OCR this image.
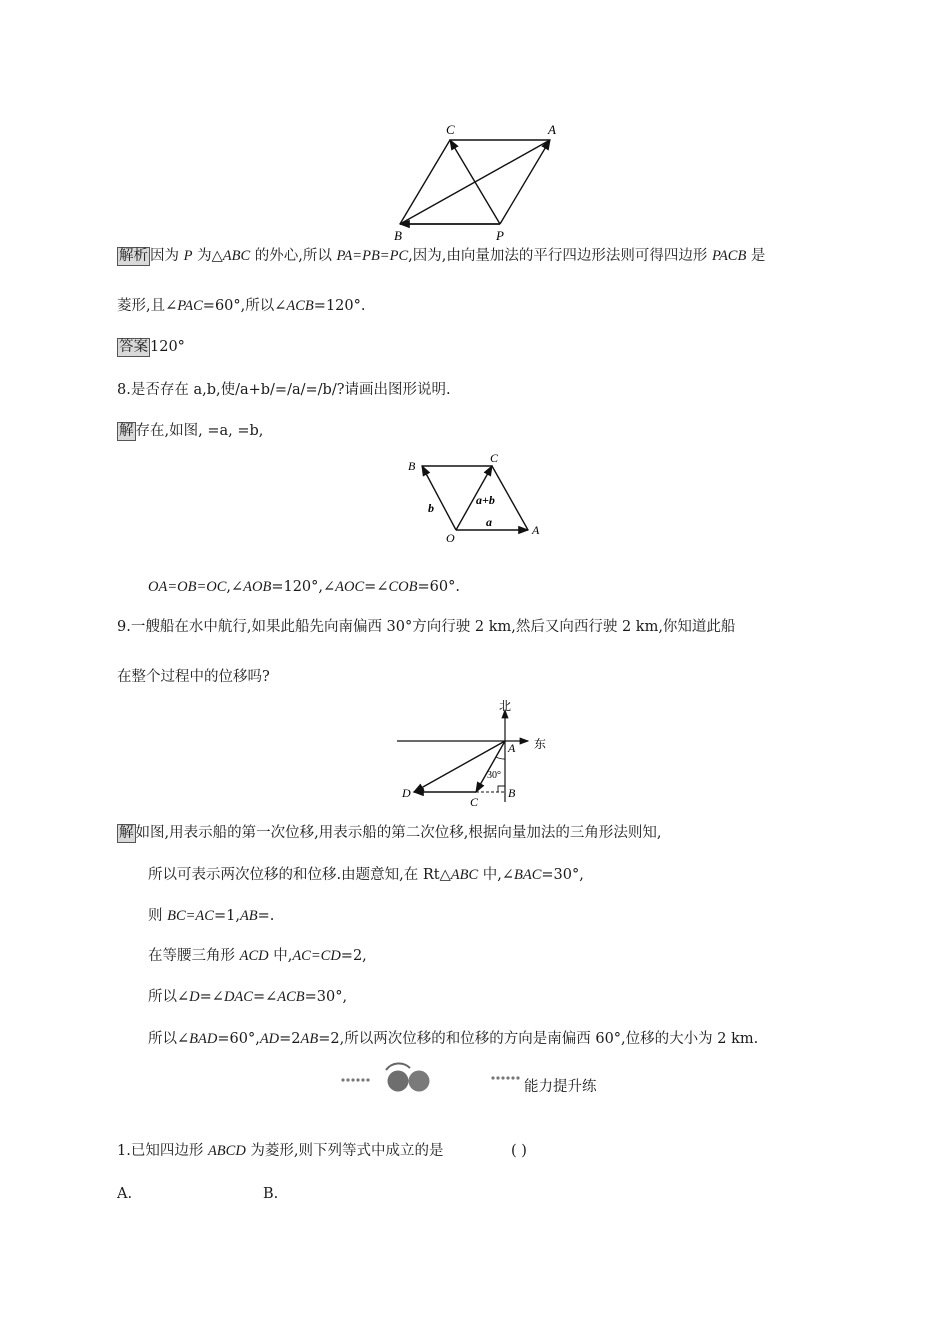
C	A
B	P
解析 因为 P 为△ABC 的外心,所以 PA=PB=PC,因为,由向量加法的平行四边形法则可得四边形 PACB 是
菱形,且∠PAC=60°,所以∠ACB=120°.
答案 120°
8.是否存在 a,b,使/a+b/=/a/=/b/?请画出图形说明.
解 存在,如图, =a, =b,
B
C
b
a+b
a
O
A
OA=OB=OC,∠AOB=120°,∠AOC=∠COB=60°.
9.一艘船在水中航行,如果此船先向南偏西 30°方向行驶 2 km,然后又向西行驶 2 km,你知道此船
在整个过程中的位移吗?
北
东
A
30°
D
C
B
解 如图,用表示船的第一次位移,用表示船的第二次位移,根据向量加法的三角形法则知,
所以可表示两次位移的和位移.由题意知,在 Rt△ABC 中,∠BAC=30°,
则 BC=AC=1,AB=.
在等腰三角形 ACD 中,AC=CD=2,
所以∠D=∠DAC=∠ACB=30°,
所以∠BAD=60°,AD=2AB=2,所以两次位移的和位移的方向是南偏西 60°,位移的大小为 2 km.
能力提升练
1.已知四边形 ABCD 为菱形,则下列等式中成立的是	( )
A.	B.
